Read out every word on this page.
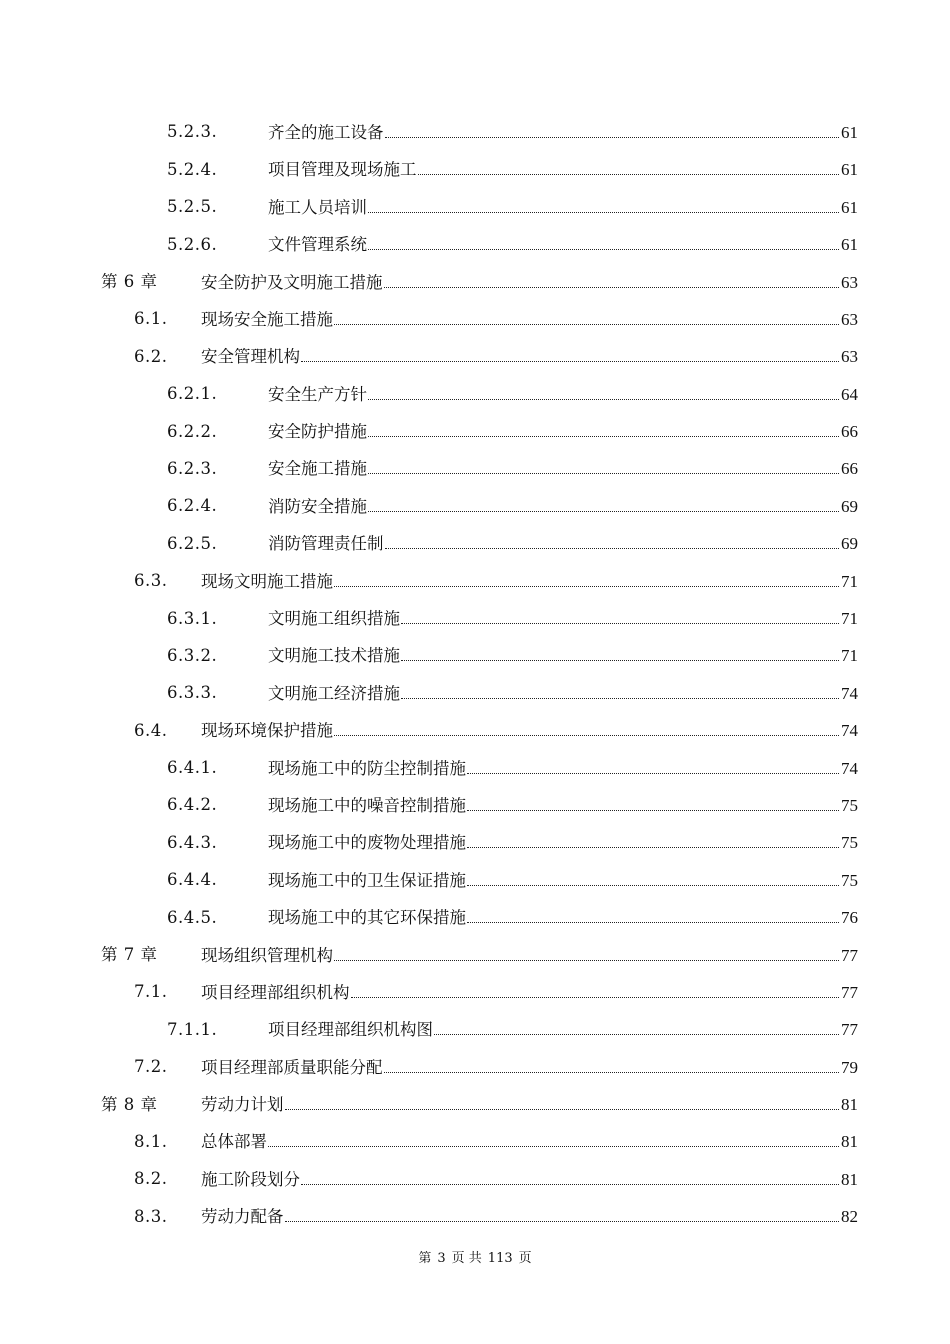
5.2.3.	齐全的施工设备	61
5.2.4.	项目管理及现场施工	61
5.2.5.	施工人员培训	61
5.2.6.	文件管理系统	61
第 6 章	安全防护及文明施工措施	63
6.1. 现场安全施工措施	63
6.2. 安全管理机构	63
6.2.1.	安全生产方针	64
6.2.2.	安全防护措施	66
6.2.3.	安全施工措施	66
6.2.4.	消防安全措施	69
6.2.5.	消防管理责任制	69
6.3. 现场文明施工措施	71
6.3.1.	文明施工组织措施	71
6.3.2.	文明施工技术措施	71
6.3.3.	文明施工经济措施	74
6.4. 现场环境保护措施	74
6.4.1.	现场施工中的防尘控制措施	74
6.4.2.	现场施工中的噪音控制措施	75
6.4.3.	现场施工中的废物处理措施	75
6.4.4.	现场施工中的卫生保证措施	75
6.4.5.	现场施工中的其它环保措施	76
第 7 章	现场组织管理机构	77
7.1. 项目经理部组织机构	77
7.1.1.	项目经理部组织机构图	77
7.2. 项目经理部质量职能分配	79
第 8 章	劳动力计划	81
8.1. 总体部署	81
8.2. 施工阶段划分	81
8.3. 劳动力配备	82
第 3 页 共 113 页
